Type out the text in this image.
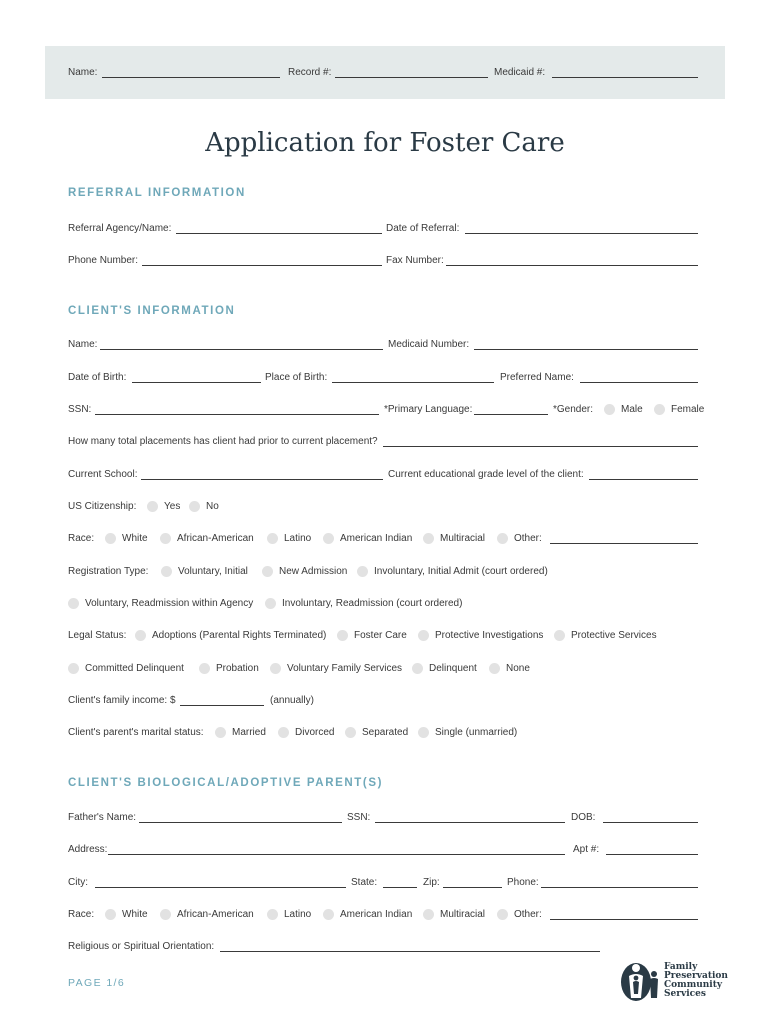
Name:	Record #:	Medicaid #:
Application for Foster Care
REFERRAL INFORMATION
Referral Agency/Name:	Date of Referral:
Phone Number:	Fax Number:
CLIENT'S INFORMATION
Name:	Medicaid Number:
Date of Birth:	Place of Birth:	Preferred Name:
SSN:	*Primary Language:	*Gender:	Male	Female
How many total placements has client had prior to current placement?
Current School:	Current educational grade level of the client:
US Citizenship:	Yes	No
Race:	White	African-American	Latino	American Indian	Multiracial	Other:
Registration Type:	Voluntary, Initial	New Admission	Involuntary, Initial Admit (court ordered)
Voluntary, Readmission within Agency	Involuntary, Readmission (court ordered)
Legal Status:	Adoptions (Parental Rights Terminated)	Foster Care	Protective Investigations	Protective Services
Committed Delinquent	Probation	Voluntary Family Services	Delinquent	None
Client's family income: $	(annually)
Client's parent's marital status:	Married	Divorced	Separated	Single (unmarried)
CLIENT'S BIOLOGICAL/ADOPTIVE PARENT(S)
Father's Name:	SSN:	DOB:
Address:	Apt #:
City:	State:	Zip:	Phone:
Race:	White	African-American	Latino	American Indian	Multiracial	Other:
Religious or Spiritual Orientation:
PAGE 1/6
Family
Preservation
Community
Services
